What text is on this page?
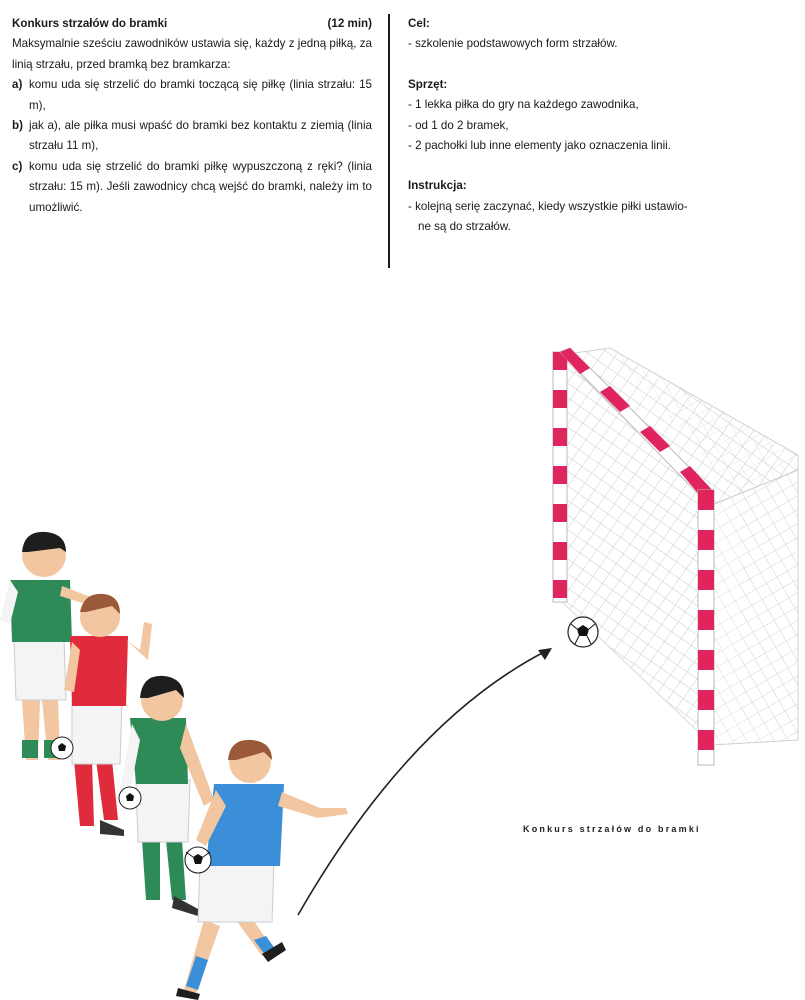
Konkurs strzałów do bramki	(12 min)
Maksymalnie sześciu zawodników ustawia się, każdy z jedną piłką, za linią strzału, przed bramką bez bramkarza:
a) komu uda się strzelić do bramki toczącą się piłkę (linia strzału: 15 m),
b) jak a), ale piłka musi wpaść do bramki bez kontaktu z ziemią (linia strzału 11 m),
c) komu uda się strzelić do bramki piłkę wypuszczoną z ręki? (linia strzału: 15 m). Jeśli zawodnicy chcą wejść do bramki, należy im to umożliwić.
Cel:
- szkolenie podstawowych form strzałów.
Sprzęt:
- 1 lekka piłka do gry na każdego zawodnika,
- od 1 do 2 bramek,
- 2 pachołki lub inne elementy jako oznaczenia linii.
Instrukcja:
- kolejną serię zaczynać, kiedy wszystkie piłki ustawio-
ne są do strzałów.
Konkurs strzałów do bramki
